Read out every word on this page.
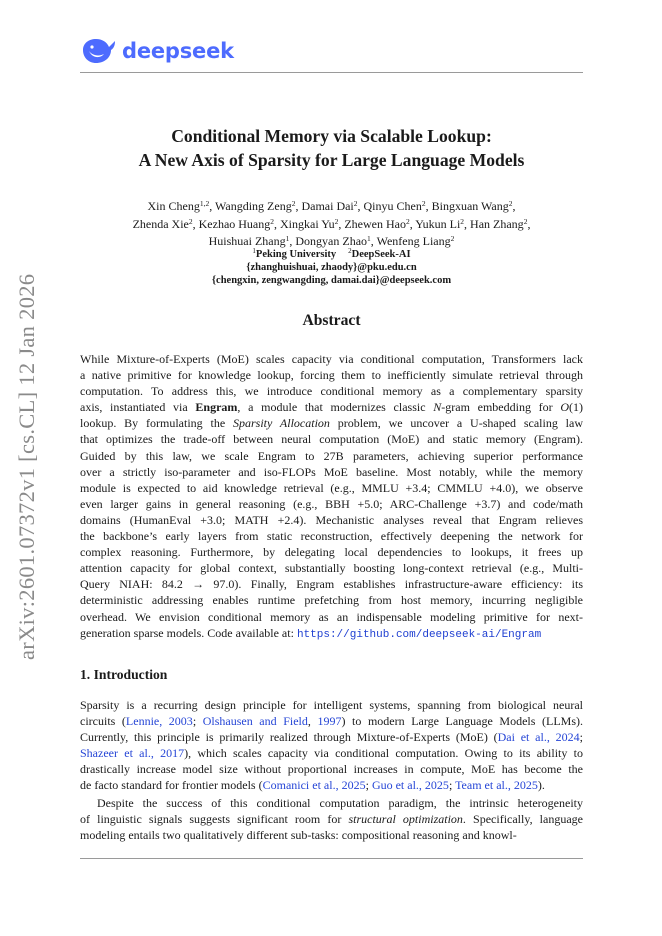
deepseek
arXiv:2601.07372v1 [cs.CL] 12 Jan 2026
Conditional Memory via Scalable Lookup:
A New Axis of Sparsity for Large Language Models
Xin Cheng$^{1,2}$, Wangding Zeng$^2$, Damai Dai$^2$, Qinyu Chen$^2$, Bingxuan Wang$^2$,
Zhenda Xie$^2$, Kezhao Huang$^2$, Xingkai Yu$^2$, Zhewen Hao$^2$, Yukun Li$^2$, Han Zhang$^2$,
Huishuai Zhang$^1$, Dongyan Zhao$^1$, Wenfeng Liang$^2$
$^1$Peking University $^2$DeepSeek-AI
{zhanghuishuai, zhaody}@pku.edu.cn
{chengxin, zengwangding, damai.dai}@deepseek.com
Abstract
While Mixture-of-Experts (MoE) scales capacity via conditional computation, Transformers lack
a native primitive for knowledge lookup, forcing them to inefficiently simulate retrieval through
computation. To address this, we introduce conditional memory as a complementary sparsity
axis, instantiated via Engram, a module that modernizes classic N-gram embedding for O(1)
lookup. By formulating the Sparsity Allocation problem, we uncover a U-shaped scaling law
that optimizes the trade-off between neural computation (MoE) and static memory (Engram).
Guided by this law, we scale Engram to 27B parameters, achieving superior performance
over a strictly iso-parameter and iso-FLOPs MoE baseline. Most notably, while the memory
module is expected to aid knowledge retrieval (e.g., MMLU +3.4; CMMLU +4.0), we observe
even larger gains in general reasoning (e.g., BBH +5.0; ARC-Challenge +3.7) and code/math
domains (HumanEval +3.0; MATH +2.4). Mechanistic analyses reveal that Engram relieves
the backbone’s early layers from static reconstruction, effectively deepening the network for
complex reasoning. Furthermore, by delegating local dependencies to lookups, it frees up
attention capacity for global context, substantially boosting long-context retrieval (e.g., Multi-
Query NIAH: 84.2 → 97.0). Finally, Engram establishes infrastructure-aware efficiency: its
deterministic addressing enables runtime prefetching from host memory, incurring negligible
overhead. We envision conditional memory as an indispensable modeling primitive for next-
generation sparse models. Code available at: https://github.com/deepseek-ai/Engram
1. Introduction
Sparsity is a recurring design principle for intelligent systems, spanning from biological neural
circuits (Lennie, 2003; Olshausen and Field, 1997) to modern Large Language Models (LLMs).
Currently, this principle is primarily realized through Mixture-of-Experts (MoE) (Dai et al., 2024;
Shazeer et al., 2017), which scales capacity via conditional computation. Owing to its ability to
drastically increase model size without proportional increases in compute, MoE has become the
de facto standard for frontier models (Comanici et al., 2025; Guo et al., 2025; Team et al., 2025).
Despite the success of this conditional computation paradigm, the intrinsic heterogeneity
of linguistic signals suggests significant room for structural optimization. Specifically, language
modeling entails two qualitatively different sub-tasks: compositional reasoning and knowl-
